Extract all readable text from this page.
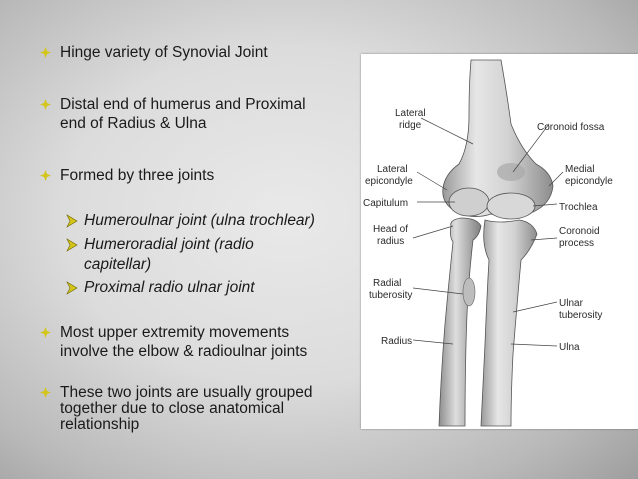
Hinge variety of Synovial Joint
Distal end of humerus and Proximal
end of Radius & Ulna
Formed by three joints
Humeroulnar joint (ulna trochlear)
Humeroradial joint (radio
capitellar)
Proximal radio ulnar joint
Most upper extremity movements
involve the elbow & radioulnar joints
These two joints are usually grouped
together due to close anatomical
relationship
Lateral
ridge	Coronoid fossa
Lateral
epicondyle
Medial
epicondyle
Capitulum	Trochlea
Head of
radius
Coronoid
process
Radial
tuberosity
Ulnar
tuberosity
Radius
Ulna
